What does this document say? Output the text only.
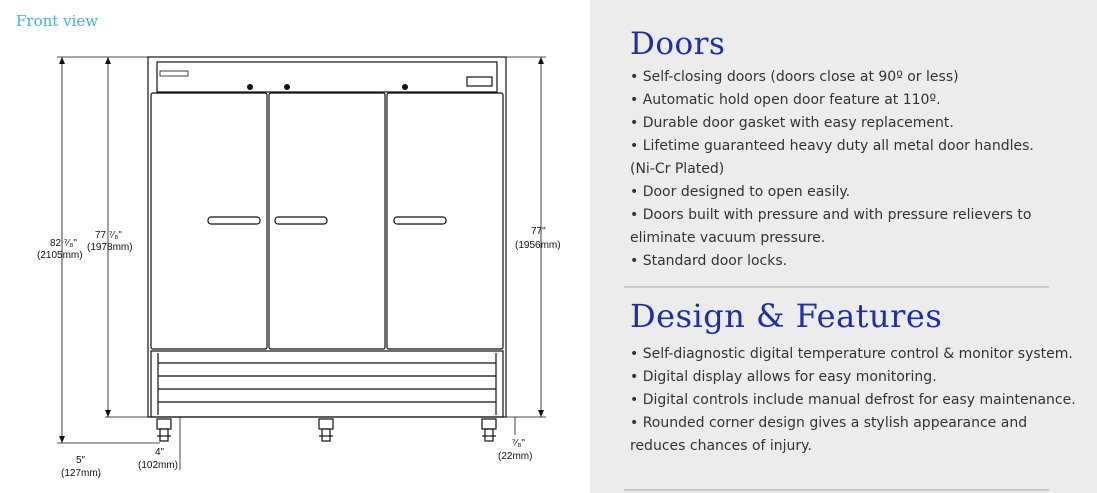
Front view
82 ⁷⁄₈"
(2105mm)
77 ⁷⁄₈"
(1978mm)
77"
(1956mm)
5"
(127mm)
4"
(102mm)
⁷⁄₈"
(22mm)
Doors
• Self-closing doors (doors close at 90º or less)
• Automatic hold open door feature at 110º.
• Durable door gasket with easy replacement.
• Lifetime guaranteed heavy duty all metal door handles. (Ni-Cr Plated)
• Door designed to open easily.
• Doors built with pressure and with pressure relievers to eliminate vacuum pressure.
• Standard door locks.
Design & Features
• Self-diagnostic digital temperature control & monitor system.
• Digital display allows for easy monitoring.
• Digital controls include manual defrost for easy maintenance.
• Rounded corner design gives a stylish appearance and reduces chances of injury.
